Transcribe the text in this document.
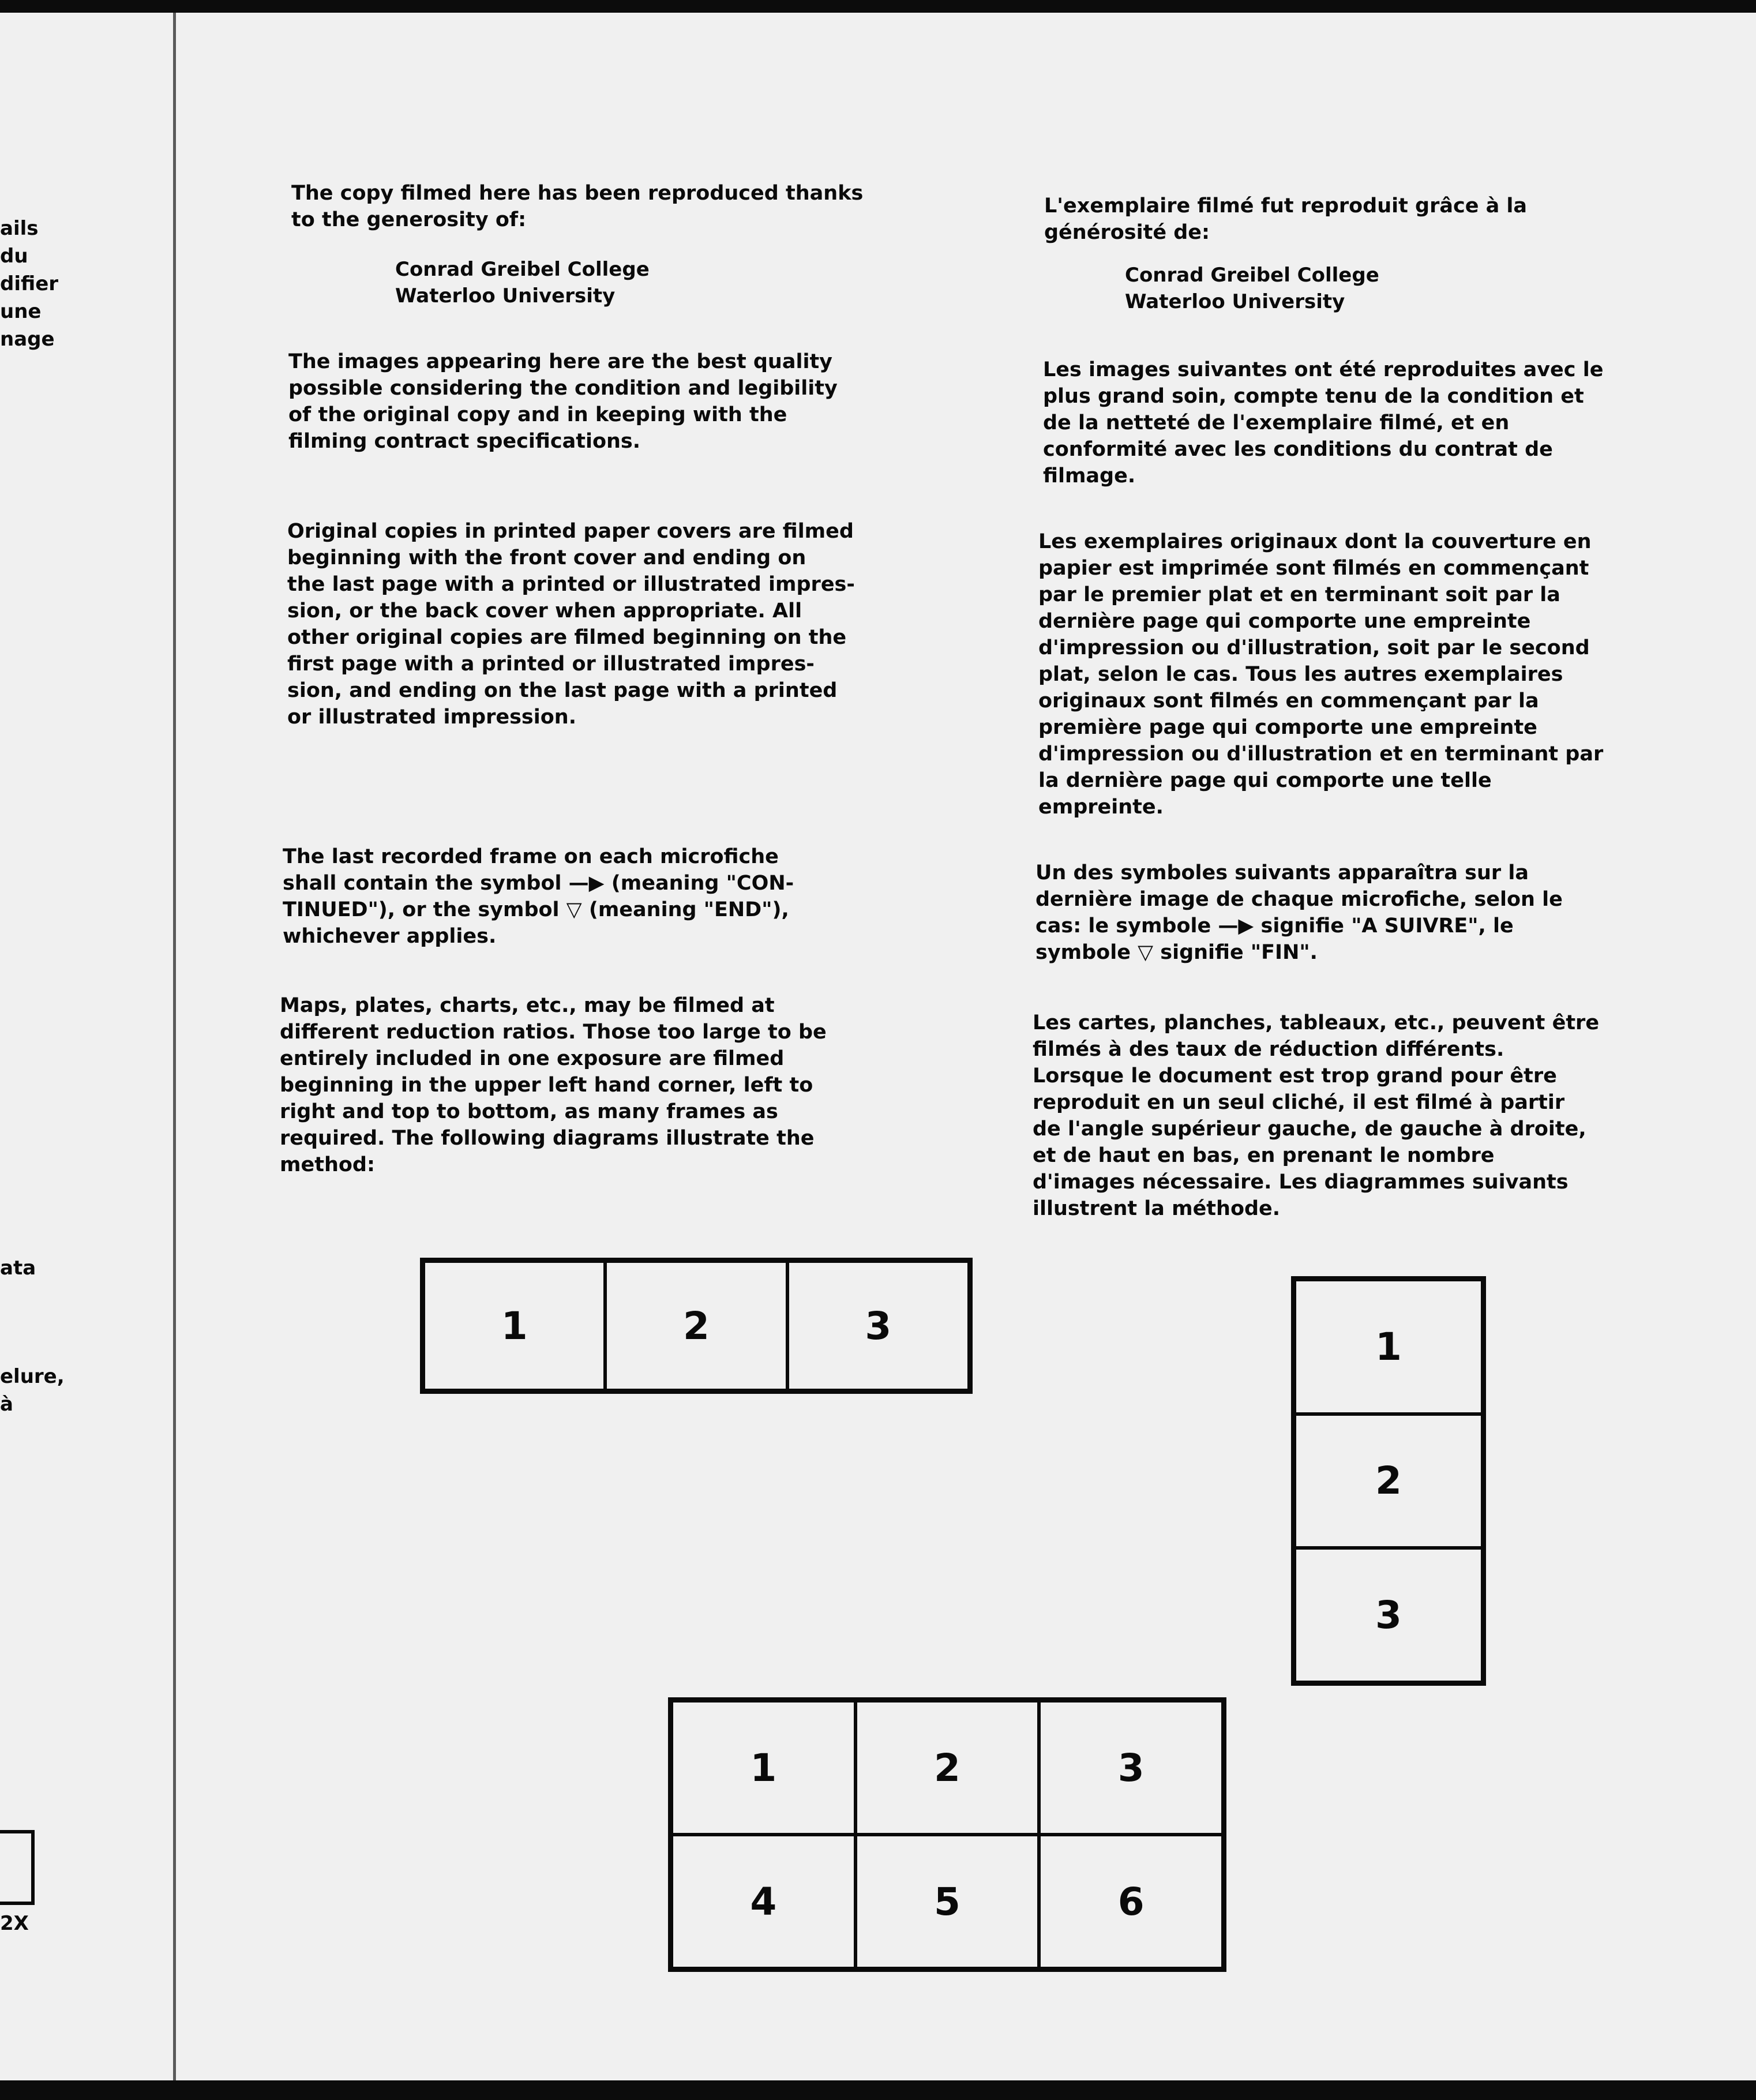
ails
du
difier
une
nage
ata
elure,
à
2X

The copy filmed here has been reproduced thanks

to the generosity of:

Conrad Greibel College

Waterloo University

The images appearing here are the best quality

possible considering the condition and legibility

of the original copy and in keeping with the

filming contract specifications.

Original copies in printed paper covers are filmed

beginning with the front cover and ending on

the last page with a printed or illustrated impres-

sion, or the back cover when appropriate. All

other original copies are filmed beginning on the

first page with a printed or illustrated impres-

sion, and ending on the last page with a printed

or illustrated impression.

The last recorded frame on each microfiche

shall contain the symbol —▶ (meaning "CON-

TINUED"), or the symbol ▽ (meaning "END"),

whichever applies.

Maps, plates, charts, etc., may be filmed at

different reduction ratios. Those too large to be

entirely included in one exposure are filmed

beginning in the upper left hand corner, left to

right and top to bottom, as many frames as

required. The following diagrams illustrate the

method:

L'exemplaire filmé fut reproduit grâce à la

générosité de:

Conrad Greibel College

Waterloo University

Les images suivantes ont été reproduites avec le

plus grand soin, compte tenu de la condition et

de la netteté de l'exemplaire filmé, et en

conformité avec les conditions du contrat de

filmage.

Les exemplaires originaux dont la couverture en

papier est imprimée sont filmés en commençant

par le premier plat et en terminant soit par la

dernière page qui comporte une empreinte

d'impression ou d'illustration, soit par le second

plat, selon le cas. Tous les autres exemplaires

originaux sont filmés en commençant par la

première page qui comporte une empreinte

d'impression ou d'illustration et en terminant par

la dernière page qui comporte une telle

empreinte.

Un des symboles suivants apparaîtra sur la

dernière image de chaque microfiche, selon le

cas: le symbole —▶ signifie "A SUIVRE", le

symbole ▽ signifie "FIN".

Les cartes, planches, tableaux, etc., peuvent être

filmés à des taux de réduction différents.

Lorsque le document est trop grand pour être

reproduit en un seul cliché, il est filmé à partir

de l'angle supérieur gauche, de gauche à droite,

et de haut en bas, en prenant le nombre

d'images nécessaire. Les diagrammes suivants

illustrent la méthode.

1	2	3	1
2
3
1	2	3
4	5	6
